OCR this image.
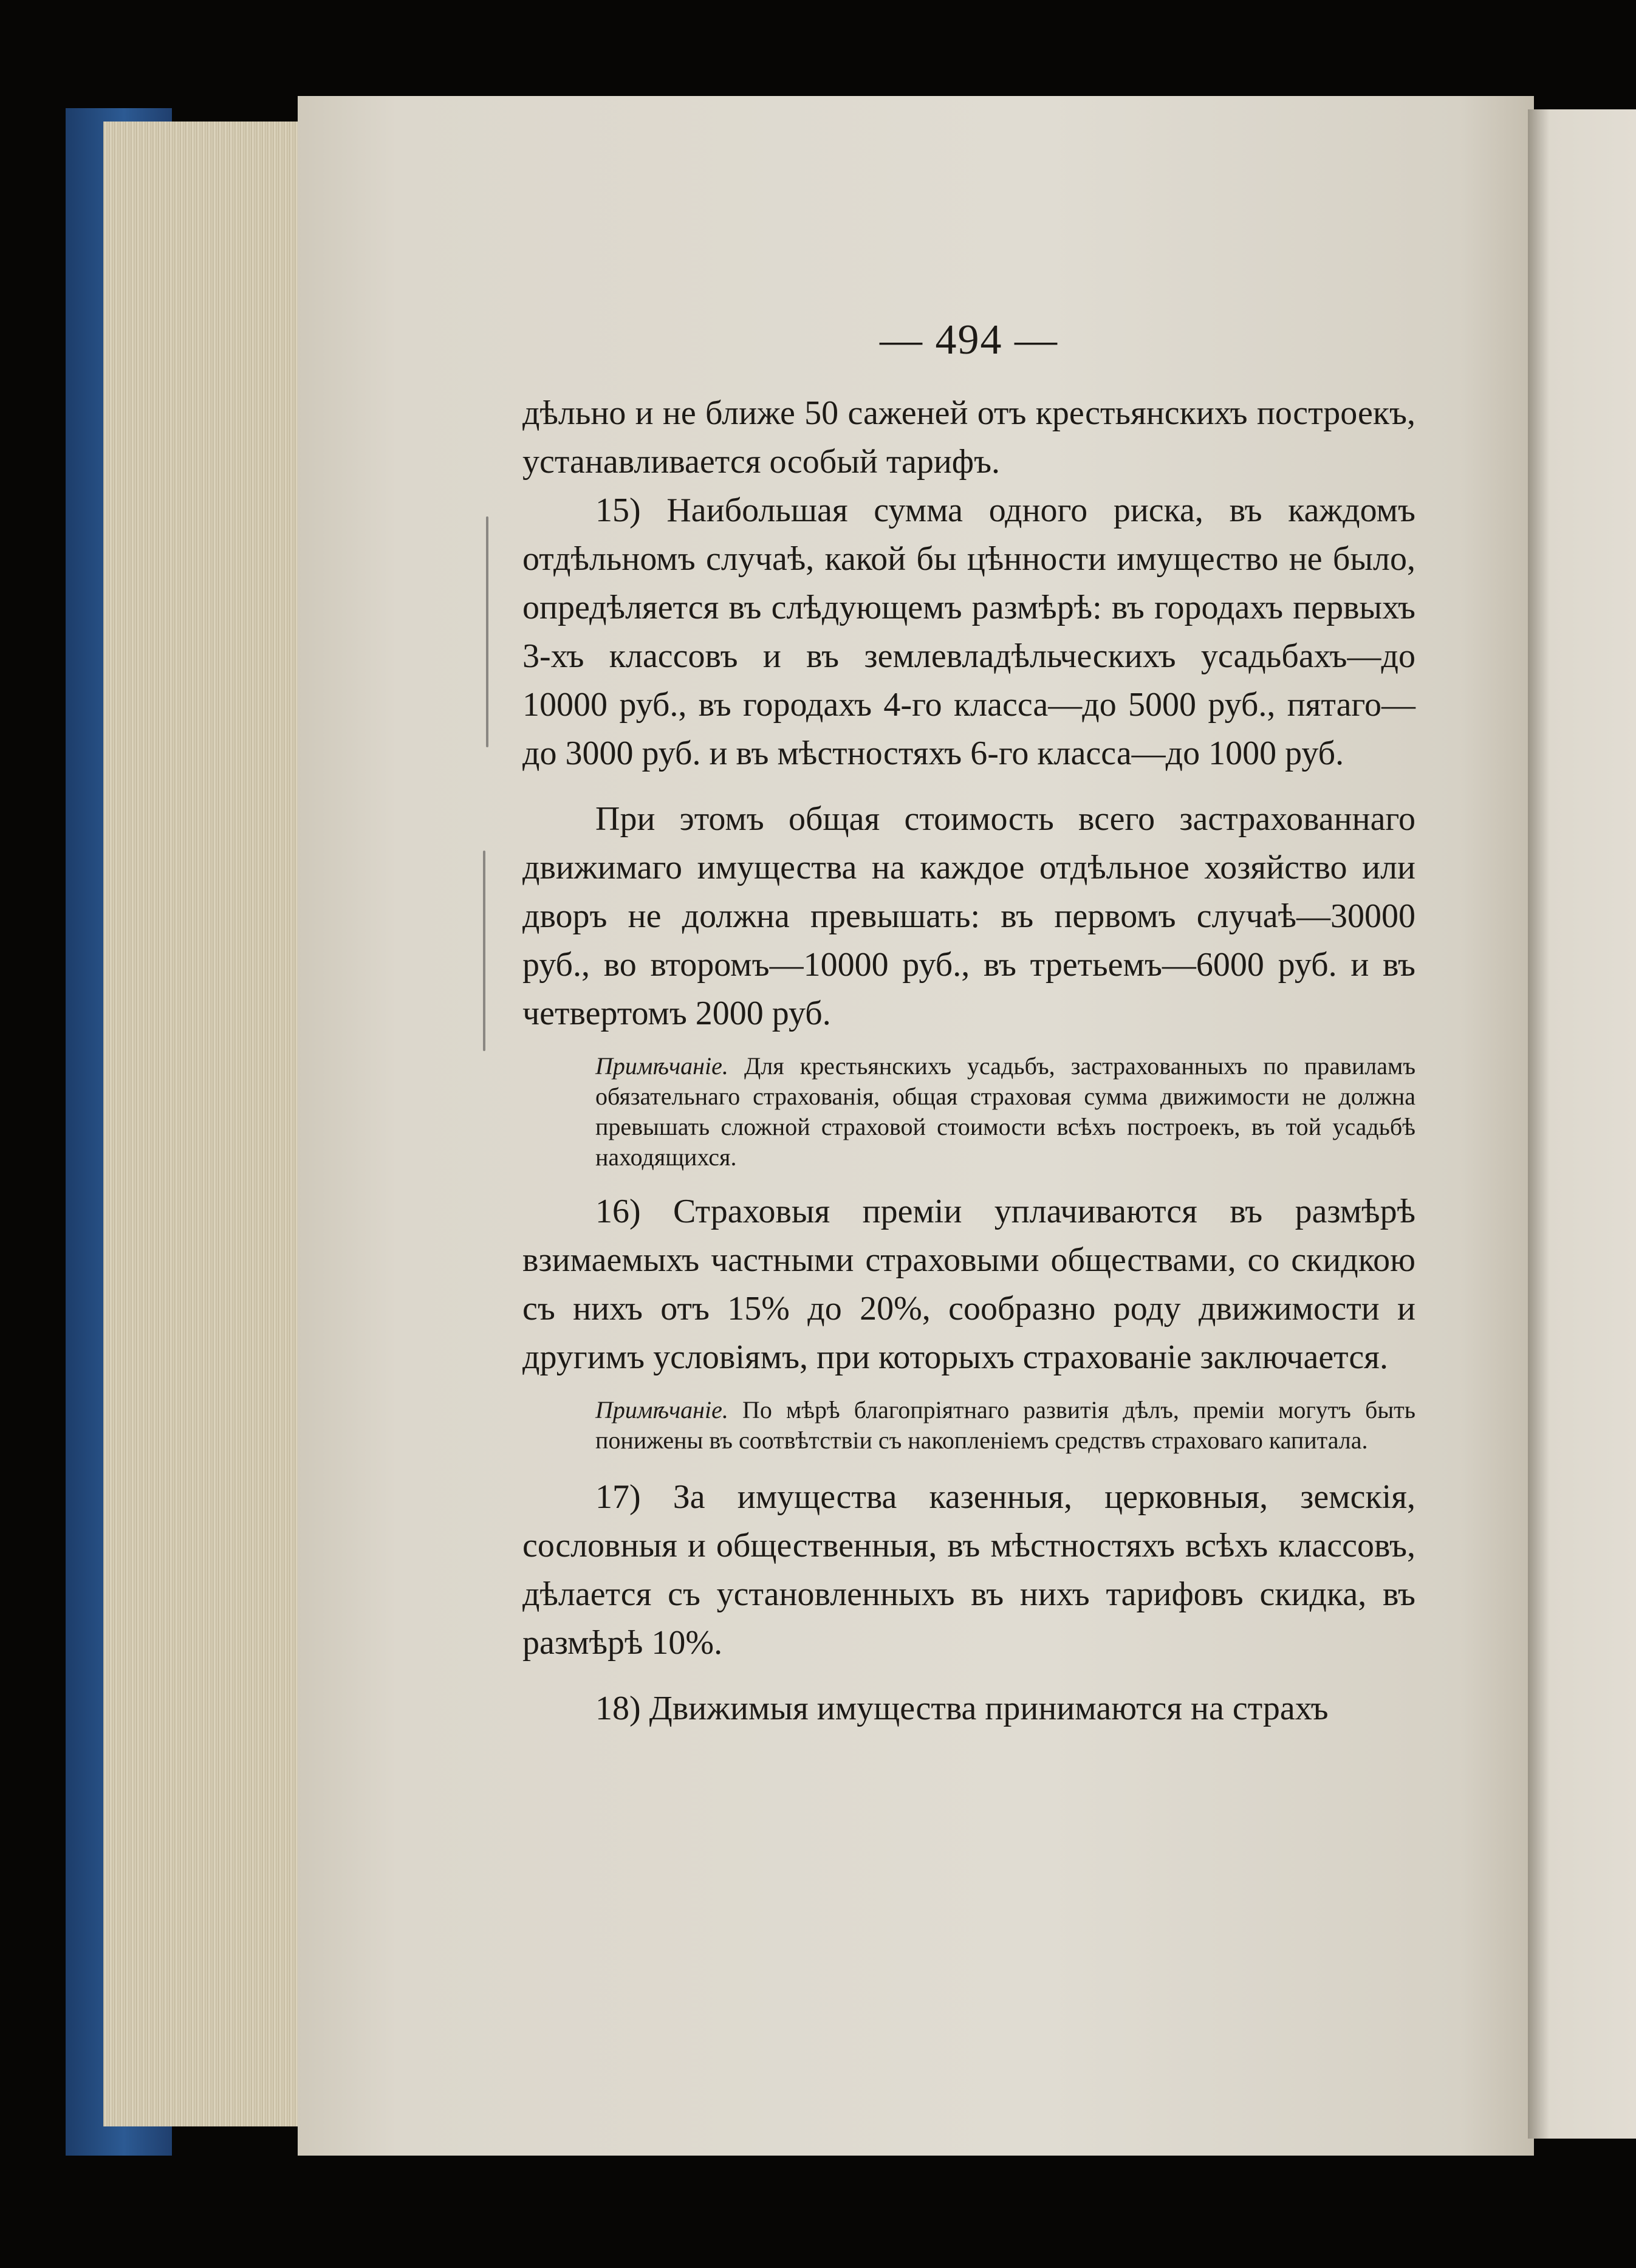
— 494 —

дѣльно и не ближе 50 саженей отъ крестьянскихъ построекъ, устанавливается особый тарифъ.

15) Наибольшая сумма одного риска, въ каждомъ отдѣльномъ случаѣ, какой бы цѣнности имущество не было, опредѣляется въ слѣдующемъ размѣрѣ: въ городахъ первыхъ 3-хъ классовъ и въ землевладѣльческихъ усадьбахъ—до 10000 руб., въ городахъ 4-го класса—до 5000 руб., пятаго—до 3000 руб. и въ мѣстностяхъ 6-го класса—до 1000 руб.

При этомъ общая стоимость всего застрахованнаго движимаго имущества на каждое отдѣльное хозяйство или дворъ не должна превышать: въ первомъ случаѣ—30000 руб., во второмъ—10000 руб., въ третьемъ—6000 руб. и въ четвертомъ 2000 руб.

Примѣчаніе. Для крестьянскихъ усадьбъ, застрахованныхъ по правиламъ обязательнаго страхованія, общая страховая сумма движимости не должна превышать сложной страховой стоимости всѣхъ построекъ, въ той усадьбѣ находящихся.

16) Страховыя преміи уплачиваются въ размѣрѣ взимаемыхъ частными страховыми обществами, со скидкою съ нихъ отъ 15% до 20%, сообразно роду движимости и другимъ условіямъ, при которыхъ страхованіе заключается.

Примѣчаніе. По мѣрѣ благопріятнаго развитія дѣлъ, преміи могутъ быть понижены въ соотвѣтствіи съ накопленіемъ средствъ страховаго капитала.

17) За имущества казенныя, церковныя, земскія, сословныя и общественныя, въ мѣстностяхъ всѣхъ классовъ, дѣлается съ установленныхъ въ нихъ тарифовъ скидка, въ размѣрѣ 10%.

18) Движимыя имущества принимаются на страхъ
